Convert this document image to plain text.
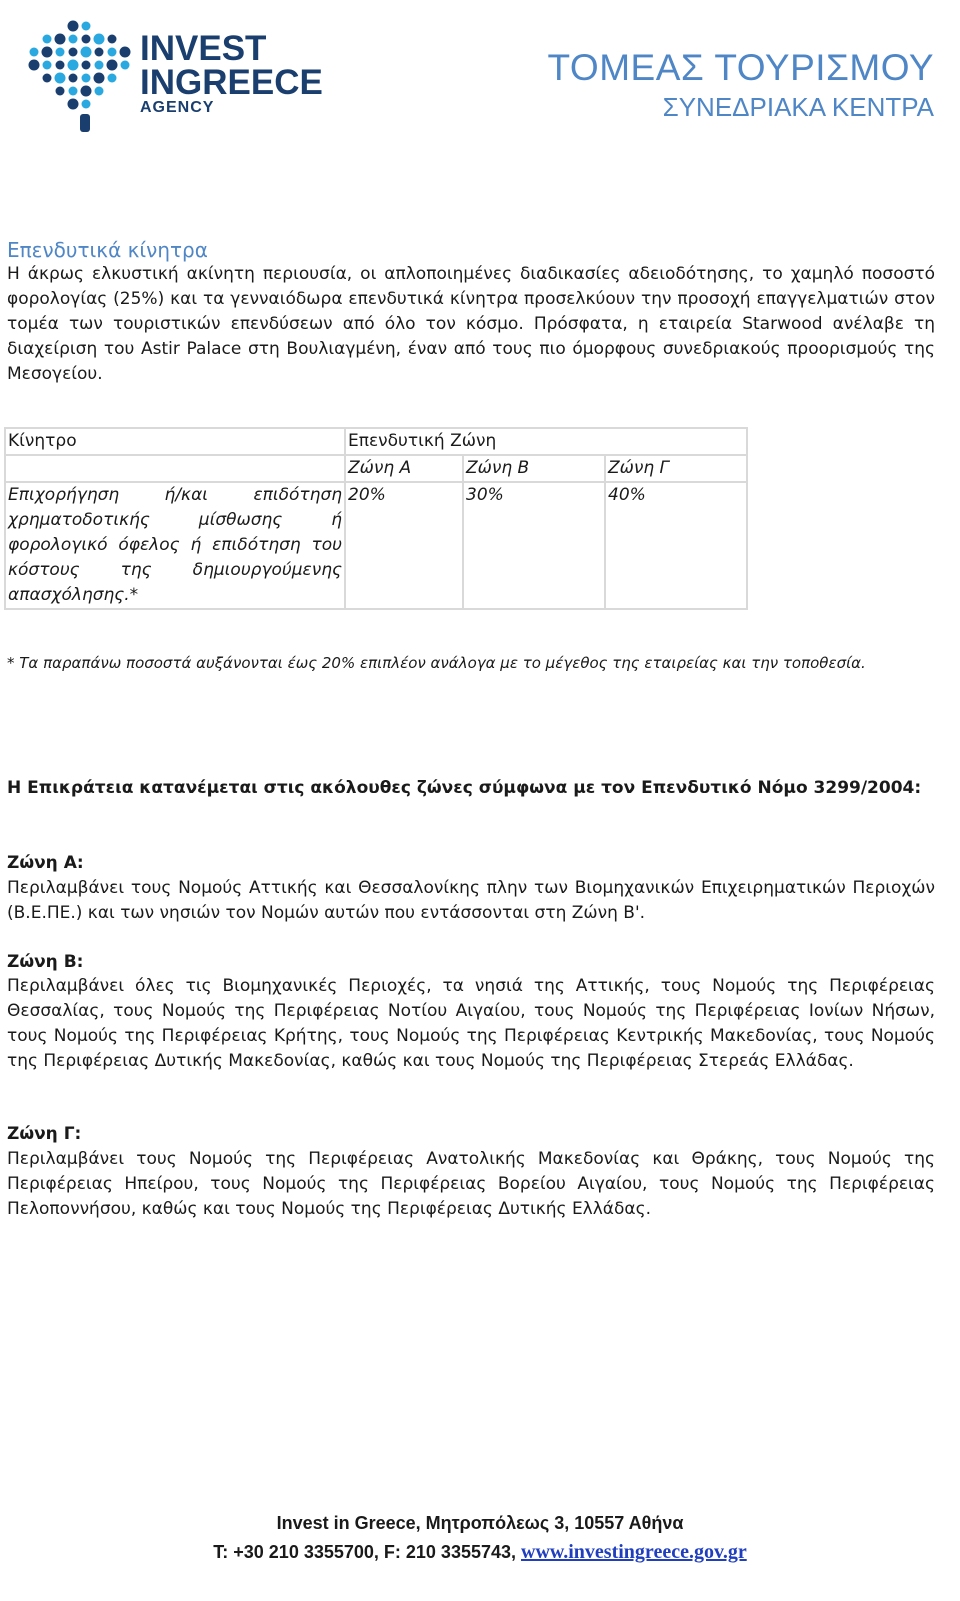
INVEST
INGREECE
AGENCY
ΤΟΜΕΑΣ ΤΟΥΡΙΣΜΟΥ
ΣΥΝΕΔΡΙΑΚΑ ΚΕΝΤΡΑ
Επενδυτικά κίνητρα
Η άκρως ελκυστική ακίνητη περιουσία, οι απλοποιημένες διαδικασίες αδειοδότησης, το χαμηλό ποσοστό φορολογίας (25%) και τα γενναιόδωρα επενδυτικά κίνητρα προσελκύουν την προσοχή επαγγελματιών στον τομέα των τουριστικών επενδύσεων από όλο τον κόσμο. Πρόσφατα, η εταιρεία Starwood ανέλαβε τη διαχείριση του Astir Palace στη Βουλιαγμένη, έναν από τους πιο όμορφους συνεδριακούς προορισμούς της Μεσογείου.
Κίνητρο	Επενδυτική Ζώνη		
	Ζώνη Α	Ζώνη Β	Ζώνη Γ
Επιχορήγηση ή/και επιδότηση χρηματοδοτικής μίσθωσης ή φορολογικό όφελος ή επιδότηση του κόστους της δημιουργούμενης απασχόλησης.*	20%	30%	40%
* Τα παραπάνω ποσοστά αυξάνονται έως 20% επιπλέον ανάλογα με το μέγεθος της εταιρείας και την τοποθεσία.
Η Επικράτεια κατανέμεται στις ακόλουθες ζώνες σύμφωνα με τον Επενδυτικό Νόμο 3299/2004:
Ζώνη Α:
Περιλαμβάνει τους Νομούς Αττικής και Θεσσαλονίκης πλην των Βιομηχανικών Επιχειρηματικών Περιοχών (Β.Ε.ΠΕ.) και των νησιών τον Νομών αυτών που εντάσσονται στη Ζώνη Β'.
Ζώνη Β:
Περιλαμβάνει όλες τις Βιομηχανικές Περιοχές, τα νησιά της Αττικής, τους Νομούς της Περιφέρειας Θεσσαλίας, τους Νομούς της Περιφέρειας Νοτίου Αιγαίου, τους Νομούς της Περιφέρειας Ιονίων Νήσων, τους Νομούς της Περιφέρειας Κρήτης, τους Νομούς της Περιφέρειας Κεντρικής Μακεδονίας, τους Νομούς της Περιφέρειας Δυτικής Μακεδονίας, καθώς και τους Νομούς της Περιφέρειας Στερεάς Ελλάδας.
Ζώνη Γ:
Περιλαμβάνει τους Νομούς της Περιφέρειας Ανατολικής Μακεδονίας και Θράκης, τους Νομούς της Περιφέρειας Ηπείρου, τους Νομούς της Περιφέρειας Βορείου Αιγαίου, τους Νομούς της Περιφέρειας Πελοποννήσου, καθώς και τους Νομούς της Περιφέρειας Δυτικής Ελλάδας.
Invest in Greece, Μητροπόλεως 3, 10557 Αθήνα
T: +30 210 3355700, F: 210 3355743, www.investingreece.gov.gr
